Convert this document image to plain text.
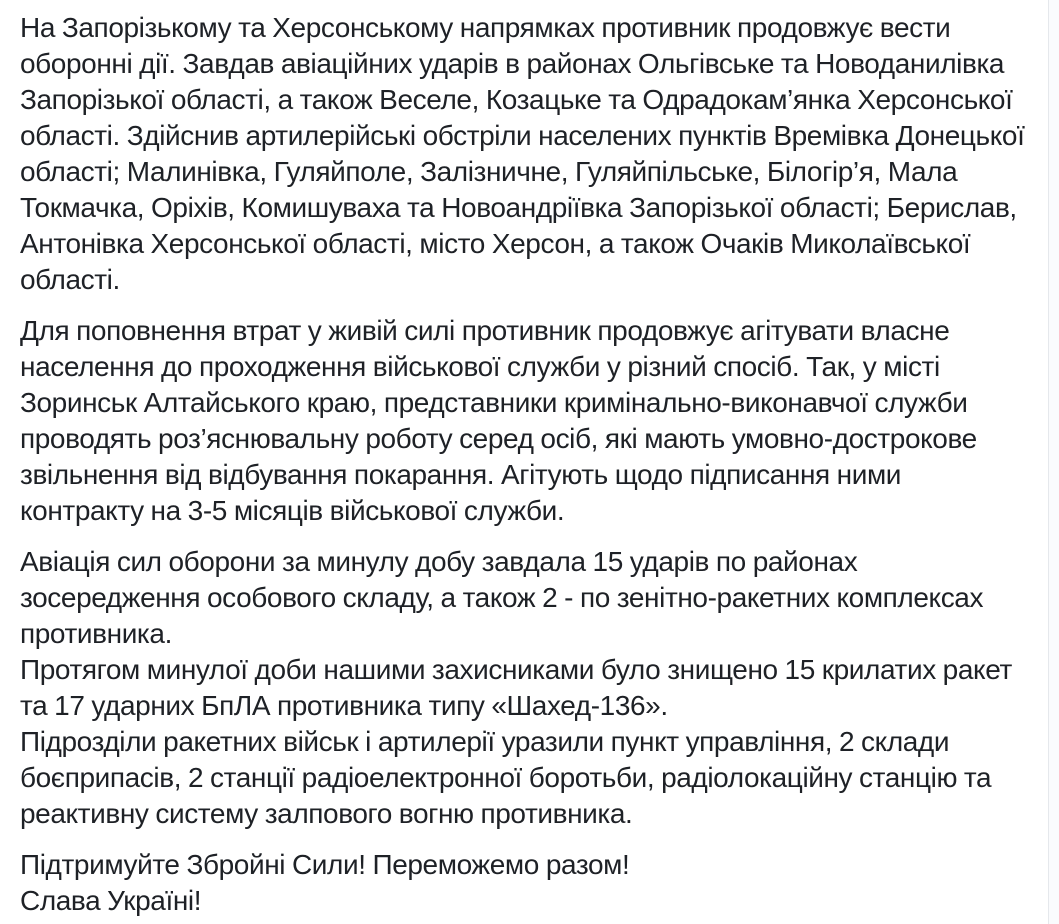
На Запорізькому та Херсонському напрямках противник продовжує вести оборонні дії. Завдав авіаційних ударів в районах Ольгівське та Новоданилівка Запорізької області, а також Веселе, Козацьке та Одрадокам’янка Херсонської області. Здійснив артилерійські обстріли населених пунктів Времівка Донецької області; Малинівка, Гуляйполе, Залізничне, Гуляйпільське, Білогір’я, Мала Токмачка, Оріхів, Комишуваха та Новоандріївка Запорізької області; Берислав, Антонівка Херсонської області, місто Херсон, а також Очаків Миколаївської області.

Для поповнення втрат у живій силі противник продовжує агітувати власне населення до проходження військової служби у різний спосіб. Так, у місті Зоринськ Алтайського краю, представники кримінально-виконавчої служби проводять роз’яснювальну роботу серед осіб, які мають умовно-дострокове звільнення від відбування покарання. Агітують щодо підписання ними контракту на 3-5 місяців військової служби.

Авіація сил оборони за минулу добу завдала 15 ударів по районах зосередження особового складу, а також 2 - по зенітно-ракетних комплексах противника.
Протягом минулої доби нашими захисниками було знищено 15 крилатих ракет та 17 ударних БпЛА противника типу «Шахед-136».
Підрозділи ракетних військ і артилерії уразили пункт управління, 2 склади боєприпасів, 2 станції радіоелектронної боротьби, радіолокаційну станцію та реактивну систему залпового вогню противника.

Підтримуйте Збройні Сили! Переможемо разом!
Слава Україні!
